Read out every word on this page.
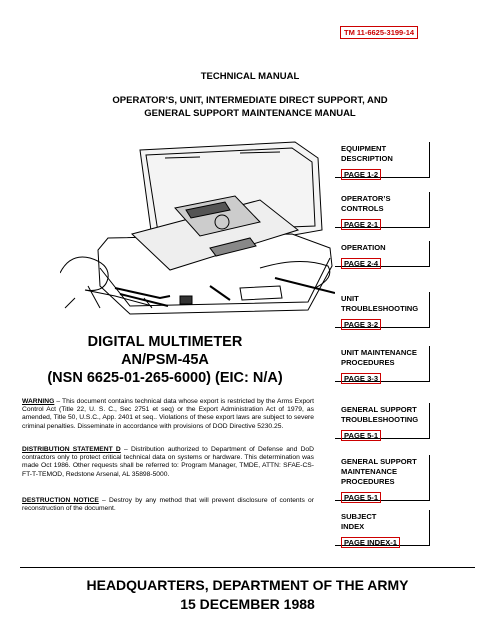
TM 11-6625-3199-14
TECHNICAL MANUAL
OPERATOR’S, UNIT, INTERMEDIATE DIRECT SUPPORT, AND
GENERAL SUPPORT MAINTENANCE MANUAL
DIGITAL MULTIMETER
AN/PSM-45A
(NSN 6625-01-265-6000) (EIC: N/A)
WARNING – This document contains technical data whose export is restricted by the Arms Export Control Act (Title 22, U. S. C., Sec 2751 et seq) or the Export Administration Act of 1979, as amended, Title 50, U.S.C., App. 2401 et seq.. Violations of these export laws are subject to severe criminal penalties. Disseminate in accordance with provisions of DOD Directive 5230.25.
DISTRIBUTION STATEMENT D – Distribution authorized to Department of Defense and DoD contractors only to protect critical technical data on systems or hardware. This determination was made Oct 1986. Other requests shall be referred to: Program Manager, TMDE, ATTN: SFAE-CS-FT-T-TEMOD, Redstone Arsenal, AL 35898-5000.
DESTRUCTION NOTICE – Destroy by any method that will prevent disclosure of contents or reconstruction of the document.
EQUIPMENT
DESCRIPTION
PAGE 1-2
OPERATOR’S
CONTROLS
PAGE 2-1
OPERATION
PAGE 2-4
UNIT
TROUBLESHOOTING
PAGE 3-2
UNIT MAINTENANCE
PROCEDURES
PAGE 3-3
GENERAL SUPPORT
TROUBLESHOOTING
PAGE 5-1
GENERAL SUPPORT
MAINTENANCE
PROCEDURES
PAGE 5-1
SUBJECT
INDEX
PAGE INDEX-1
HEADQUARTERS, DEPARTMENT OF THE ARMY
15 DECEMBER 1988
